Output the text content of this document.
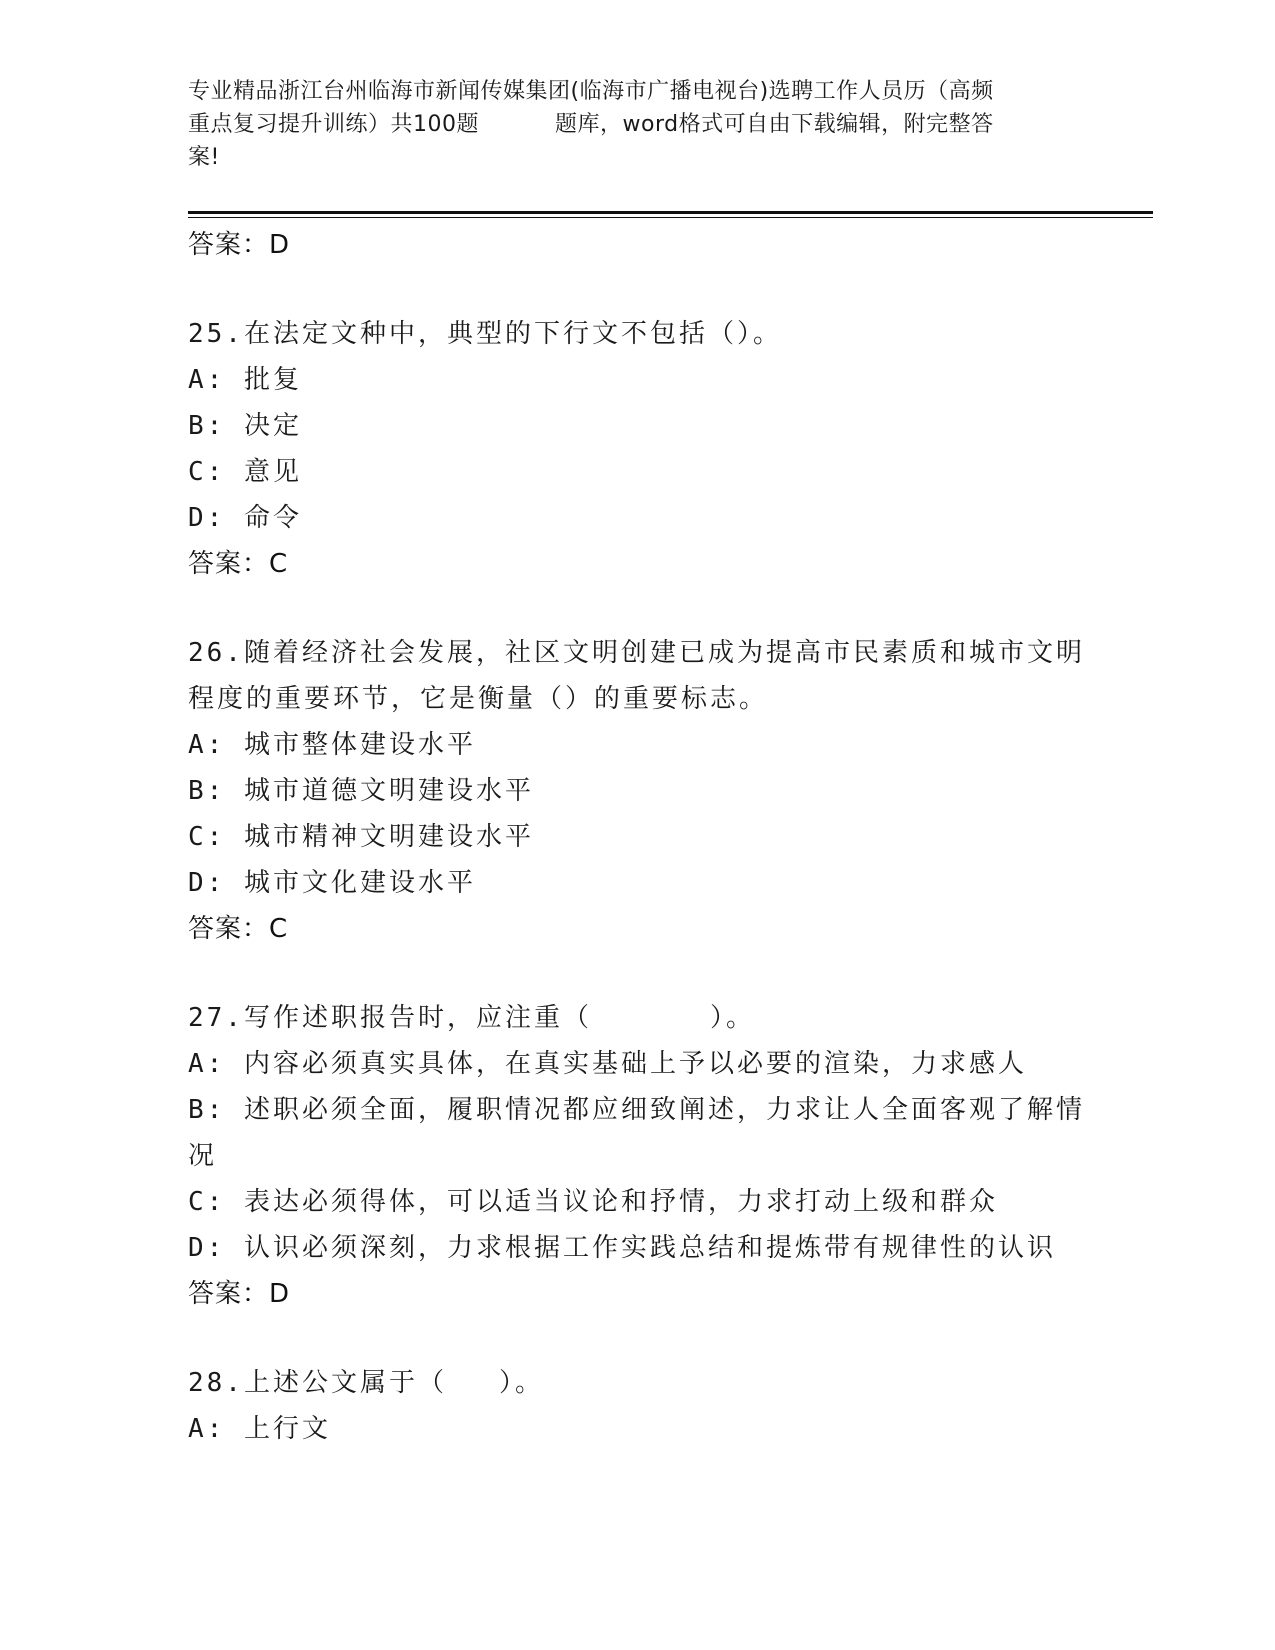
专业精品浙江台州临海市新闻传媒集团(临海市广播电视台)选聘工作人员历（高频
重点复习提升训练）共100题	题库，word格式可自由下载编辑，附完整答
案!
答案：D
25.在法定文种中，典型的下行文不包括（）。
A: 批复
B: 决定
C: 意见
D: 命令
答案：C
26.随着经济社会发展，社区文明创建已成为提高市民素质和城市文明
程度的重要环节，它是衡量（）的重要标志。
A: 城市整体建设水平
B: 城市道德文明建设水平
C: 城市精神文明建设水平
D: 城市文化建设水平
答案：C
27.写作述职报告时，应注重（	）。
A: 内容必须真实具体，在真实基础上予以必要的渲染，力求感人
B: 述职必须全面，履职情况都应细致阐述，力求让人全面客观了解情
况
C: 表达必须得体，可以适当议论和抒情，力求打动上级和群众
D: 认识必须深刻，力求根据工作实践总结和提炼带有规律性的认识
答案：D
28.上述公文属于（ ）。
A: 上行文
